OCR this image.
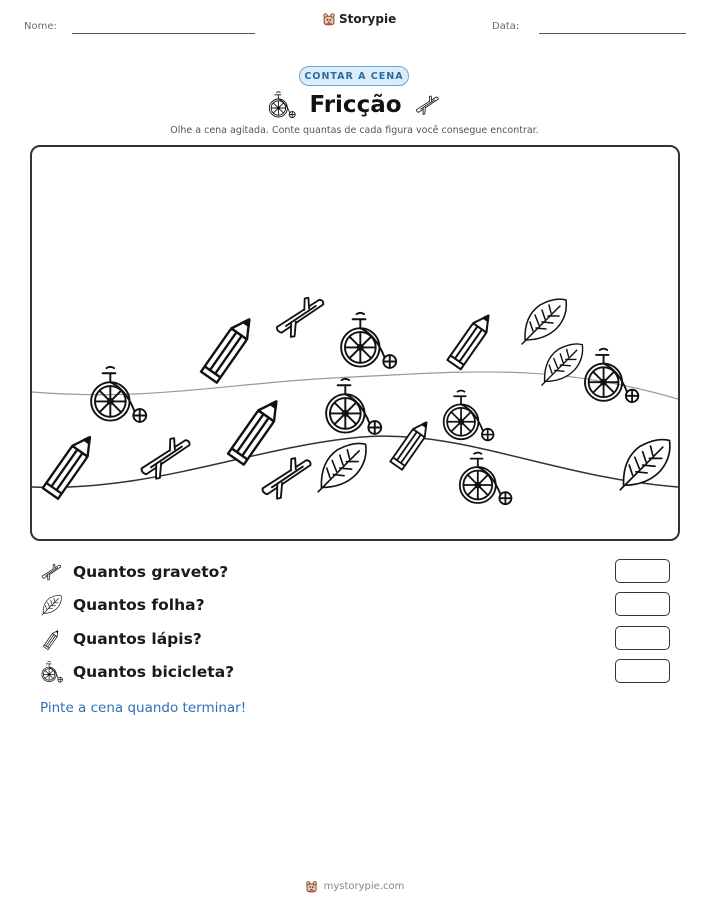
Nome:
Storypie
Data:
CONTAR A CENA
Fricção
Olhe a cena agitada. Conte quantas de cada figura você consegue encontrar.
Quantos graveto?
Quantos folha?
Quantos lápis?
Quantos bicicleta?
Pinte a cena quando terminar!
mystorypie.com
